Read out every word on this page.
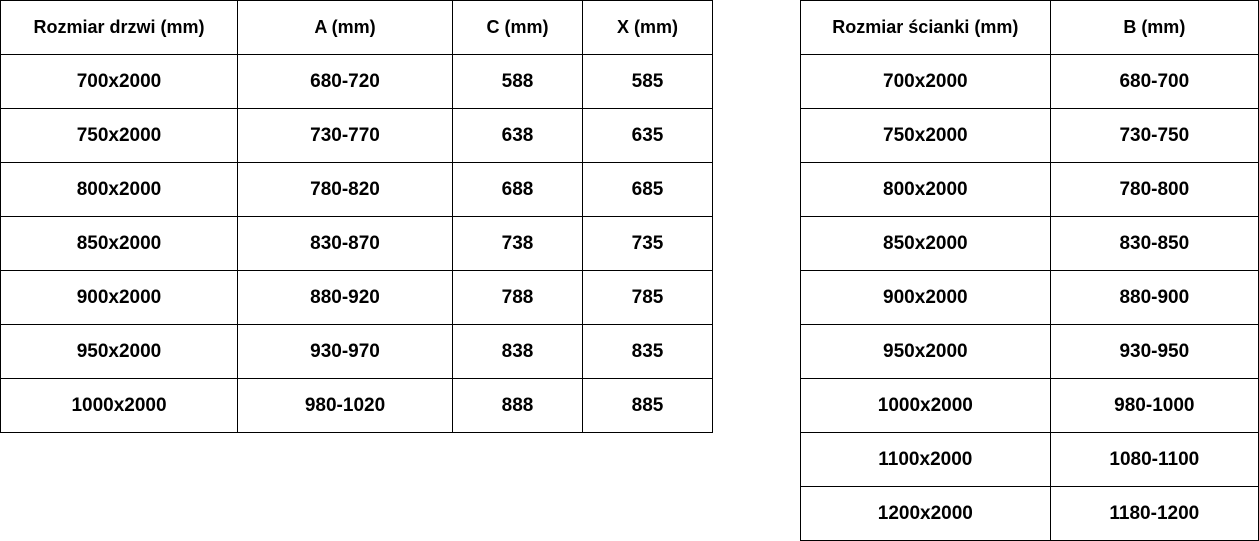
Rozmiar drzwi (mm)	A (mm)	C (mm)	X (mm)
700x2000	680-720	588	585
750x2000	730-770	638	635
800x2000	780-820	688	685
850x2000	830-870	738	735
900x2000	880-920	788	785
950x2000	930-970	838	835
1000x2000	980-1020	888	885
Rozmiar ścianki (mm)	B (mm)
700x2000	680-700
750x2000	730-750
800x2000	780-800
850x2000	830-850
900x2000	880-900
950x2000	930-950
1000x2000	980-1000
1100x2000	1080-1100
1200x2000	1180-1200
